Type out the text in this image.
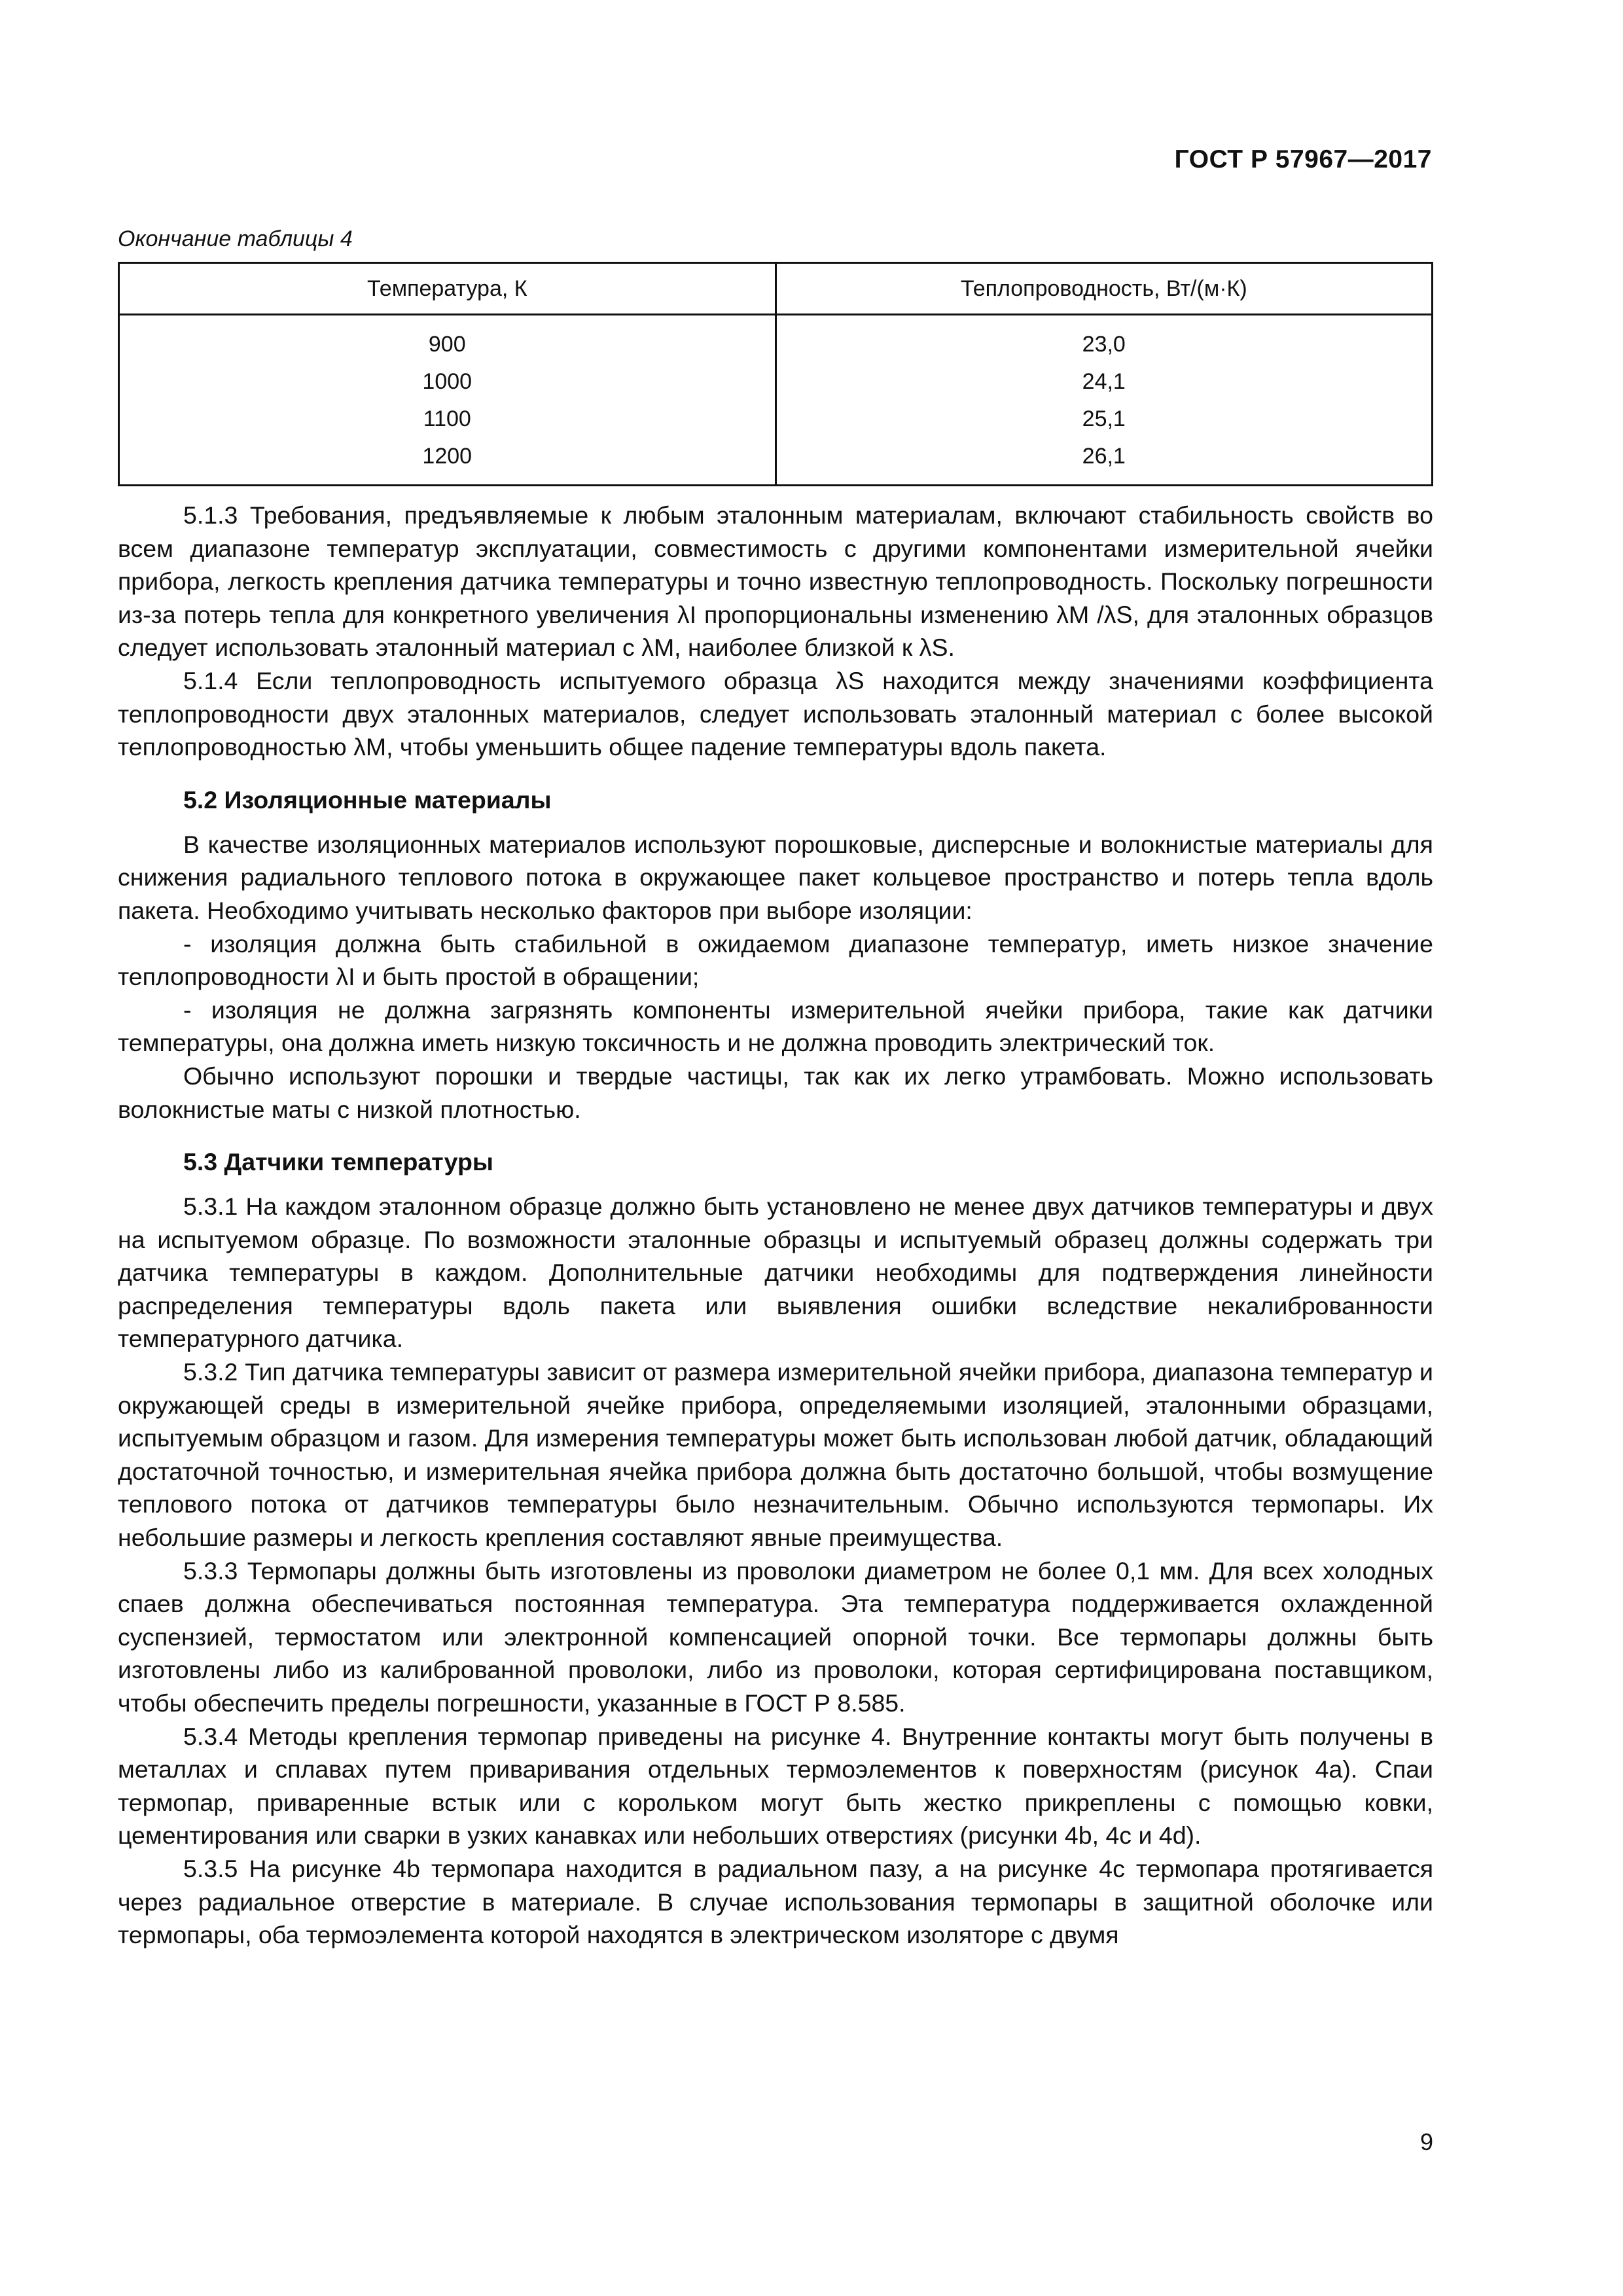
ГОСТ Р 57967—2017
Окончание таблицы 4
Температура, К	Теплопроводность, Вт/(м·К)
900	23,0
1000	24,1
1100	25,1
1200	26,1

5.1.3 Требования, предъявляемые к любым эталонным материалам, включают стабильность свойств во всем диапазоне температур эксплуатации, совместимость с другими компонентами измерительной ячейки прибора, легкость крепления датчика температуры и точно известную теплопроводность. Поскольку погрешности из-за потерь тепла для конкретного увеличения λI пропорциональны изменению λM /λS, для эталонных образцов следует использовать эталонный материал с λM, наиболее близкой к λS.

5.1.4 Если теплопроводность испытуемого образца λS находится между значениями коэффициента теплопроводности двух эталонных материалов, следует использовать эталонный материал с более высокой теплопроводностью λM, чтобы уменьшить общее падение температуры вдоль пакета.

5.2 Изоляционные материалы

В качестве изоляционных материалов используют порошковые, дисперсные и волокнистые материалы для снижения радиального теплового потока в окружающее пакет кольцевое пространство и потерь тепла вдоль пакета. Необходимо учитывать несколько факторов при выборе изоляции:

- изоляция должна быть стабильной в ожидаемом диапазоне температур, иметь низкое значение теплопроводности λI и быть простой в обращении;

- изоляция не должна загрязнять компоненты измерительной ячейки прибора, такие как датчики температуры, она должна иметь низкую токсичность и не должна проводить электрический ток.

Обычно используют порошки и твердые частицы, так как их легко утрамбовать. Можно использовать волокнистые маты с низкой плотностью.

5.3 Датчики температуры

5.3.1 На каждом эталонном образце должно быть установлено не менее двух датчиков температуры и двух на испытуемом образце. По возможности эталонные образцы и испытуемый образец должны содержать три датчика температуры в каждом. Дополнительные датчики необходимы для подтверждения линейности распределения температуры вдоль пакета или выявления ошибки вследствие некалиброванности температурного датчика.

5.3.2 Тип датчика температуры зависит от размера измерительной ячейки прибора, диапазона температур и окружающей среды в измерительной ячейке прибора, определяемыми изоляцией, эталонными образцами, испытуемым образцом и газом. Для измерения температуры может быть использован любой датчик, обладающий достаточной точностью, и измерительная ячейка прибора должна быть достаточно большой, чтобы возмущение теплового потока от датчиков температуры было незначительным. Обычно используются термопары. Их небольшие размеры и легкость крепления составляют явные преимущества.

5.3.3 Термопары должны быть изготовлены из проволоки диаметром не более 0,1 мм. Для всех холодных спаев должна обеспечиваться постоянная температура. Эта температура поддерживается охлажденной суспензией, термостатом или электронной компенсацией опорной точки. Все термопары должны быть изготовлены либо из калиброванной проволоки, либо из проволоки, которая сертифицирована поставщиком, чтобы обеспечить пределы погрешности, указанные в ГОСТ Р 8.585.

5.3.4 Методы крепления термопар приведены на рисунке 4. Внутренние контакты могут быть получены в металлах и сплавах путем приваривания отдельных термоэлементов к поверхностям (рисунок 4a). Спаи термопар, приваренные встык или с корольком могут быть жестко прикреплены с помощью ковки, цементирования или сварки в узких канавках или небольших отверстиях (рисунки 4b, 4c и 4d).

5.3.5 На рисунке 4b термопара находится в радиальном пазу, а на рисунке 4c термопара протягивается через радиальное отверстие в материале. В случае использования термопары в защитной оболочке или термопары, оба термоэлемента которой находятся в электрическом изоляторе с двумя

9
